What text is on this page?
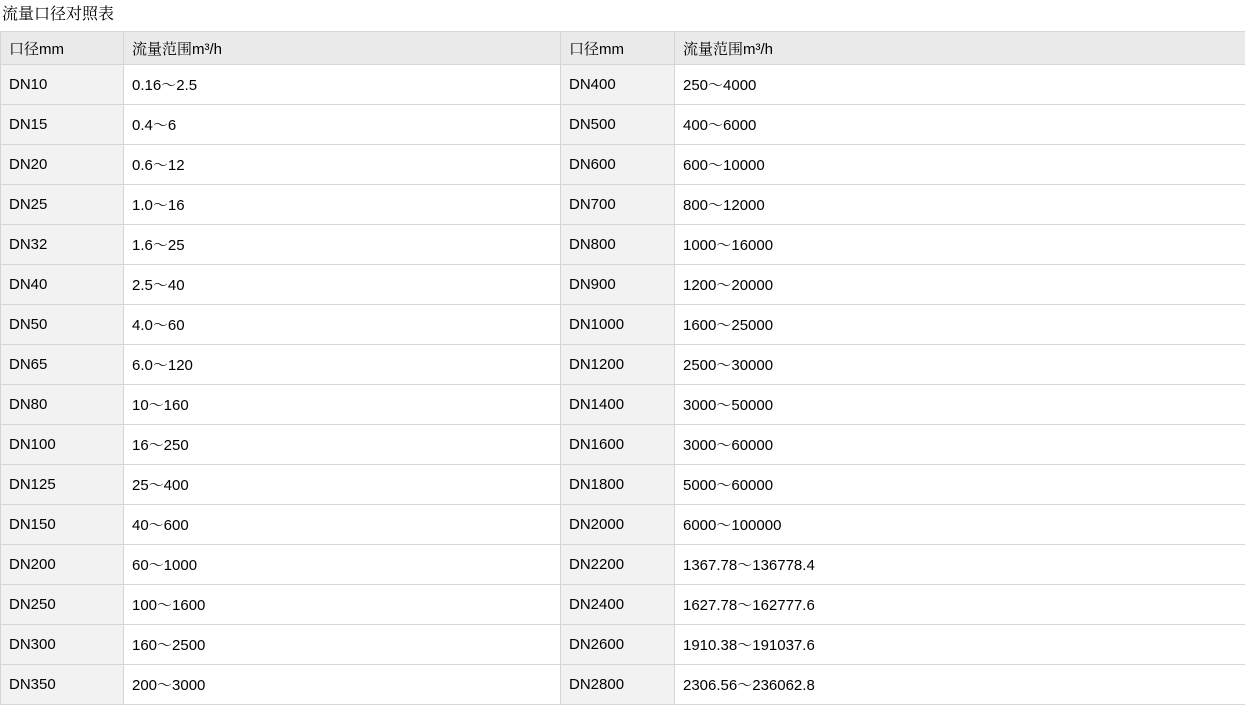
流量口径对照表
口径mm	流量范围m³/h	口径mm	流量范围m³/h
DN10	0.16～2.5	DN400	250～4000
DN15	0.4～6	DN500	400～6000
DN20	0.6～12	DN600	600～10000
DN25	1.0～16	DN700	800～12000
DN32	1.6～25	DN800	1000～16000
DN40	2.5～40	DN900	1200～20000
DN50	4.0～60	DN1000	1600～25000
DN65	6.0～120	DN1200	2500～30000
DN80	10～160	DN1400	3000～50000
DN100	16～250	DN1600	3000～60000
DN125	25～400	DN1800	5000～60000
DN150	40～600	DN2000	6000～100000
DN200	60～1000	DN2200	1367.78～136778.4
DN250	100～1600	DN2400	1627.78～162777.6
DN300	160～2500	DN2600	1910.38～191037.6
DN350	200～3000	DN2800	2306.56～236062.8
